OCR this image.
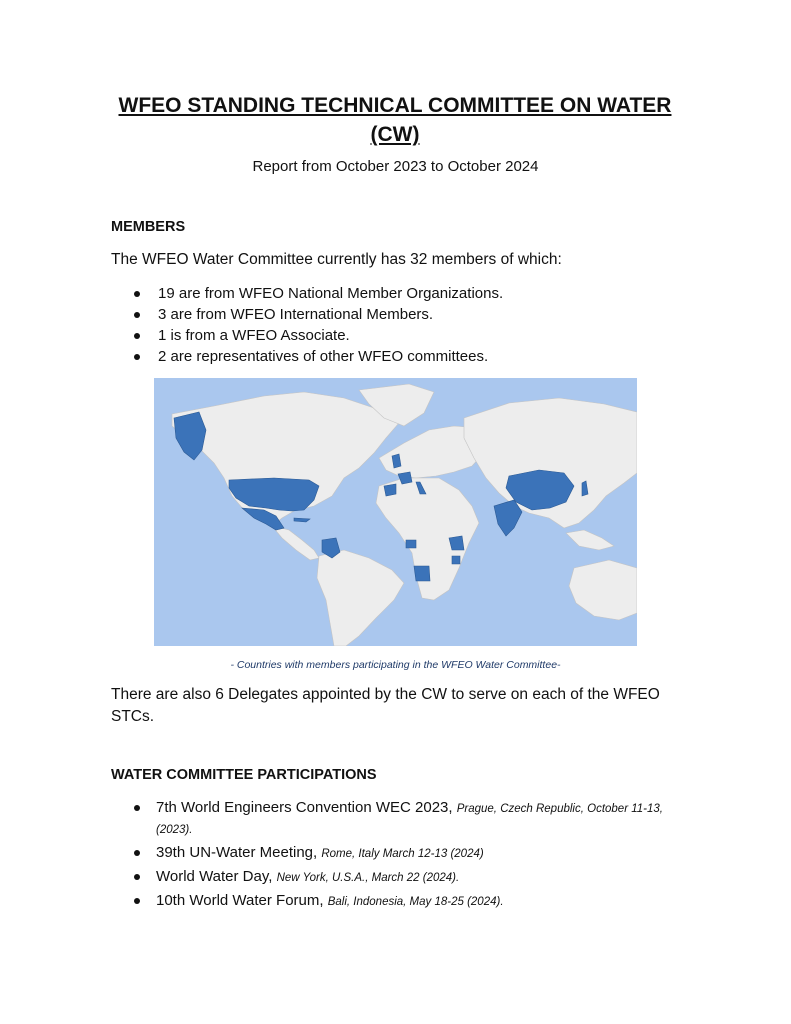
WFEO STANDING TECHNICAL COMMITTEE ON WATER
(CW)
Report from October 2023 to October 2024
MEMBERS
The WFEO Water Committee currently has 32 members of which:
19 are from WFEO National Member Organizations.
3 are from WFEO International Members.
1 is from a WFEO Associate.
2 are representatives of other WFEO committees.
- Countries with members participating in the WFEO Water Committee-
There are also 6 Delegates appointed by the CW to serve on each of the WFEO STCs.
WATER COMMITTEE PARTICIPATIONS
7th World Engineers Convention WEC 2023, Prague, Czech Republic, October 11-13, (2023).
39th UN-Water Meeting, Rome, Italy March 12-13 (2024)
World Water Day, New York, U.S.A., March 22 (2024).
10th World Water Forum, Bali, Indonesia, May 18-25 (2024).
